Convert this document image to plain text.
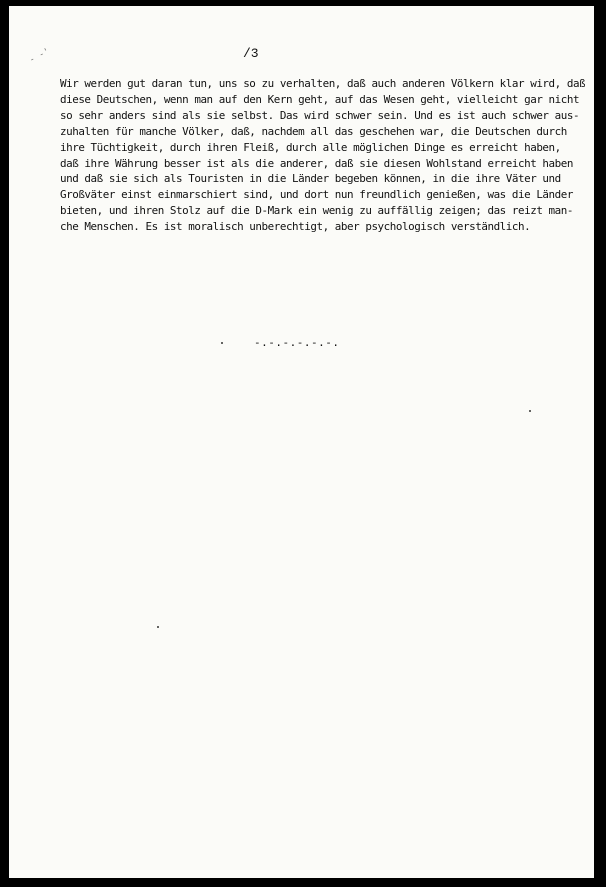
- -'	/3
Wir werden gut daran tun, uns so zu verhalten, daß auch anderen Völkern klar wird, daß
diese Deutschen, wenn man auf den Kern geht, auf das Wesen geht, vielleicht gar nicht
so sehr anders sind als sie selbst. Das wird schwer sein. Und es ist auch schwer aus-
zuhalten für manche Völker, daß, nachdem all das geschehen war, die Deutschen durch
ihre Tüchtigkeit, durch ihren Fleiß, durch alle möglichen Dinge es erreicht haben,
daß ihre Währung besser ist als die anderer, daß sie diesen Wohlstand erreicht haben
und daß sie sich als Touristen in die Länder begeben können, in die ihre Väter und
Großväter einst einmarschiert sind, und dort nun freundlich genießen, was die Länder
bieten, und ihren Stolz auf die D-Mark ein wenig zu auffällig zeigen; das reizt man-
che Menschen. Es ist moralisch unberechtigt, aber psychologisch verständlich.
-.-.-.-.-.-.
